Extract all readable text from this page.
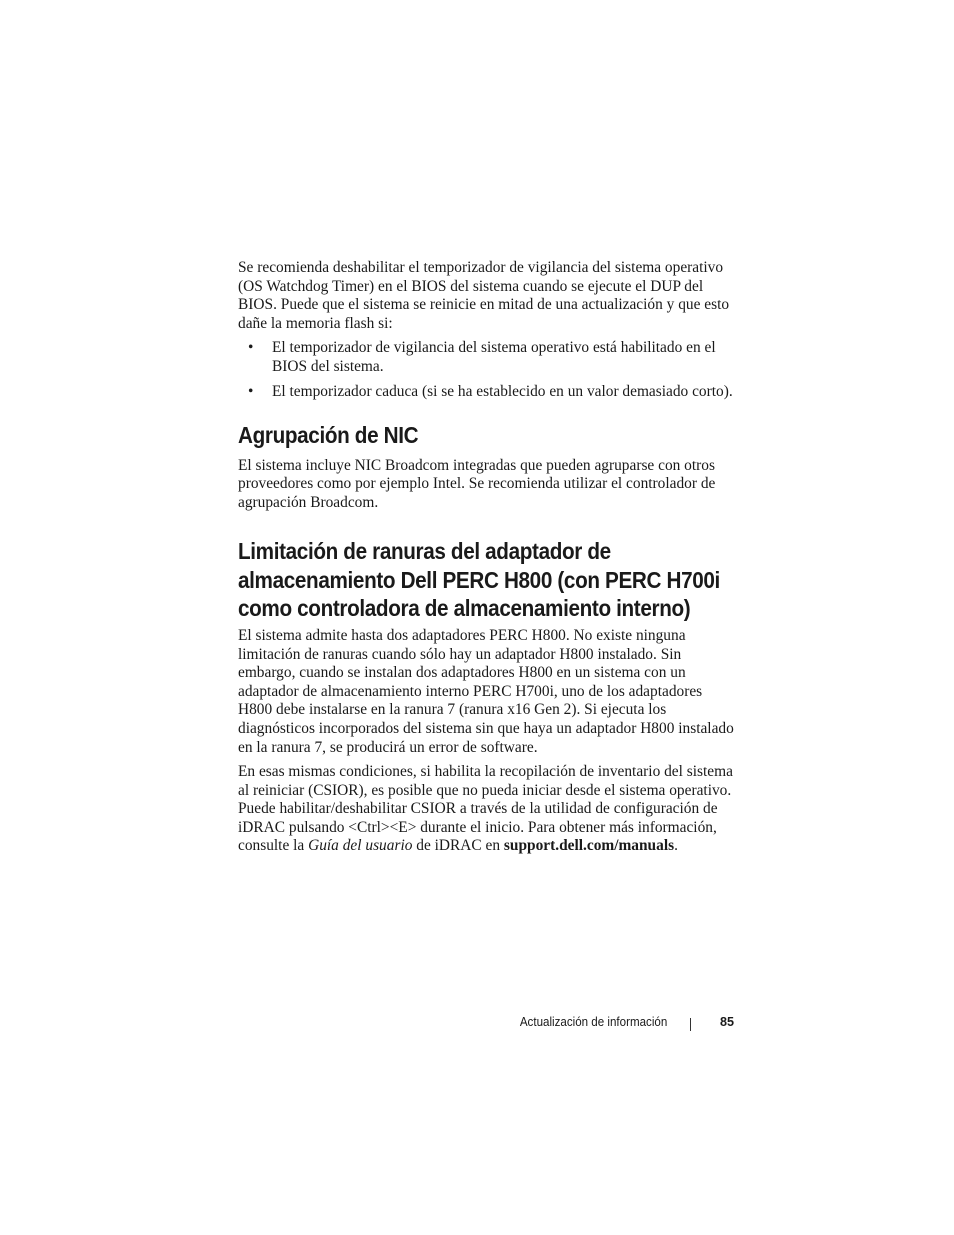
Se recomienda deshabilitar el temporizador de vigilancia del sistema operativo (OS Watchdog Timer) en el BIOS del sistema cuando se ejecute el DUP del BIOS. Puede que el sistema se reinicie en mitad de una actualización y que esto dañe la memoria flash si:

• El temporizador de vigilancia del sistema operativo está habilitado en el BIOS del sistema.
• El temporizador caduca (si se ha establecido en un valor demasiado corto).
Agrupación de NIC

El sistema incluye NIC Broadcom integradas que pueden agruparse con otros proveedores como por ejemplo Intel. Se recomienda utilizar el controlador de agrupación Broadcom.

Limitación de ranuras del adaptador de
almacenamiento Dell PERC H800 (con PERC H700i
como controladora de almacenamiento interno)

El sistema admite hasta dos adaptadores PERC H800. No existe ninguna limitación de ranuras cuando sólo hay un adaptador H800 instalado. Sin embargo, cuando se instalan dos adaptadores H800 en un sistema con un adaptador de almacenamiento interno PERC H700i, uno de los adaptadores H800 debe instalarse en la ranura 7 (ranura x16 Gen 2). Si ejecuta los diagnósticos incorporados del sistema sin que haya un adaptador H800 instalado en la ranura 7, se producirá un error de software.

En esas mismas condiciones, si habilita la recopilación de inventario del sistema al reiniciar (CSIOR), es posible que no pueda iniciar desde el sistema operativo. Puede habilitar/deshabilitar CSIOR a través de la utilidad de configuración de iDRAC pulsando <Ctrl><E> durante el inicio. Para obtener más información, consulte la Guía del usuario de iDRAC en support.dell.com/manuals.

Actualización de información	85
